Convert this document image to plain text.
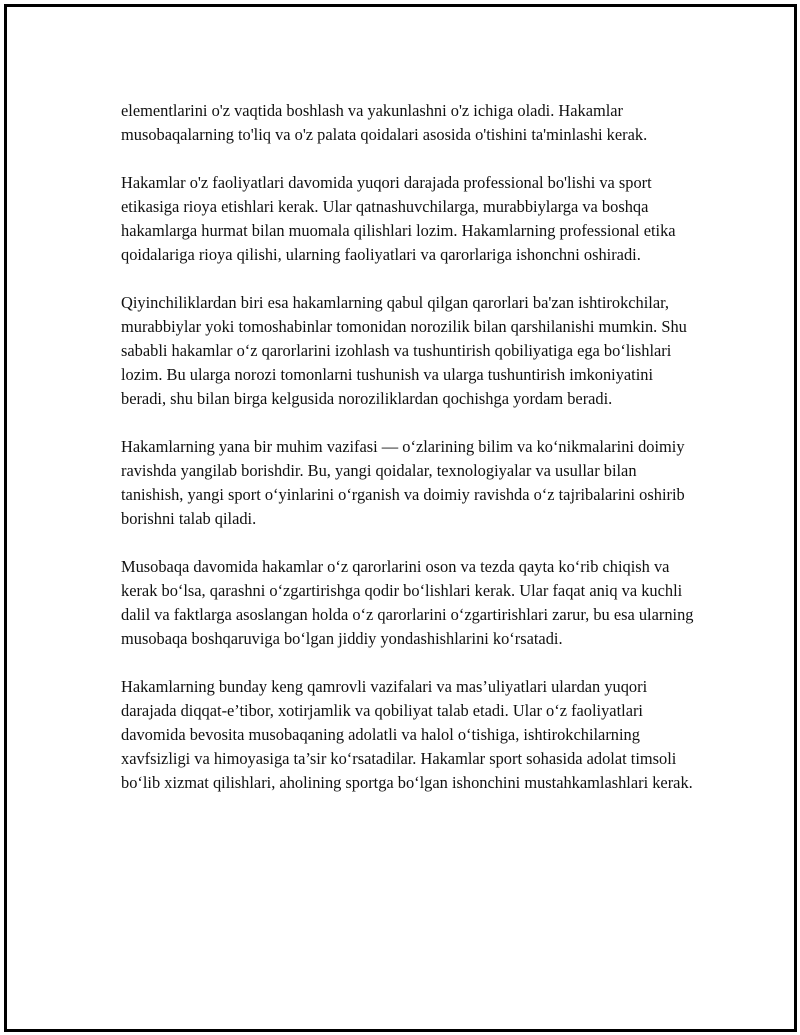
elementlarini o'z vaqtida boshlash va yakunlashni o'z ichiga oladi. Hakamlar musobaqalarning to'liq va o'z palata qoidalari asosida o'tishini ta'minlashi kerak.

Hakamlar o'z faoliyatlari davomida yuqori darajada professional bo'lishi va sport etikasiga rioya etishlari kerak. Ular qatnashuvchilarga, murabbiylarga va boshqa hakamlarga hurmat bilan muomala qilishlari lozim. Hakamlarning professional etika qoidalariga rioya qilishi, ularning faoliyatlari va qarorlariga ishonchni oshiradi.

Qiyinchiliklardan biri esa hakamlarning qabul qilgan qarorlari ba'zan ishtirokchilar, murabbiylar yoki tomoshabinlar tomonidan norozilik bilan qarshilanishi mumkin. Shu sababli hakamlar o‘z qarorlarini izohlash va tushuntirish qobiliyatiga ega bo‘lishlari lozim. Bu ularga norozi tomonlarni tushunish va ularga tushuntirish imkoniyatini beradi, shu bilan birga kelgusida noroziliklardan qochishga yordam beradi.

Hakamlarning yana bir muhim vazifasi — o‘zlarining bilim va ko‘nikmalarini doimiy ravishda yangilab borishdir. Bu, yangi qoidalar, texnologiyalar va usullar bilan tanishish, yangi sport o‘yinlarini o‘rganish va doimiy ravishda o‘z tajribalarini oshirib borishni talab qiladi.

Musobaqa davomida hakamlar o‘z qarorlarini oson va tezda qayta ko‘rib chiqish va kerak bo‘lsa, qarashni o‘zgartirishga qodir bo‘lishlari kerak. Ular faqat aniq va kuchli dalil va faktlarga asoslangan holda o‘z qarorlarini o‘zgartirishlari zarur, bu esa ularning musobaqa boshqaruviga bo‘lgan jiddiy yondashishlarini ko‘rsatadi.

Hakamlarning bunday keng qamrovli vazifalari va mas’uliyatlari ulardan yuqori darajada diqqat-e’tibor, xotirjamlik va qobiliyat talab etadi. Ular o‘z faoliyatlari davomida bevosita musobaqaning adolatli va halol o‘tishiga, ishtirokchilarning xavfsizligi va himoyasiga ta’sir ko‘rsatadilar. Hakamlar sport sohasida adolat timsoli bo‘lib xizmat qilishlari, aholining sportga bo‘lgan ishonchini mustahkamlashlari kerak.
